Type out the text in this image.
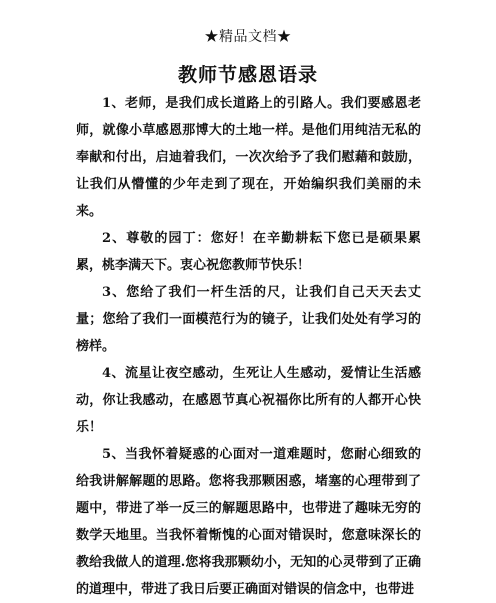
★精品文档★
教师节感恩语录

1、老师，是我们成长道路上的引路人。我们要感恩老师，就像小草感恩那博大的土地一样。是他们用纯洁无私的奉献和付出，启迪着我们，一次次给予了我们慰藉和鼓励，让我们从懵懂的少年走到了现在，开始编织我们美丽的未来。

2、尊敬的园丁：您好！在辛勤耕耘下您已是硕果累累，桃李满天下。衷心祝您教师节快乐！

3、您给了我们一杆生活的尺，让我们自己天天去丈量；您给了我们一面模范行为的镜子，让我们处处有学习的榜样。

4、流星让夜空感动，生死让人生感动，爱情让生活感动，你让我感动，在感恩节真心祝福你比所有的人都开心快乐！

5、当我怀着疑惑的心面对一道难题时，您耐心细致的给我讲解解题的思路。您将我那颗困惑，堵塞的心理带到了题中，带进了举一反三的解题思路中，也带进了趣味无穷的数学天地里。当我怀着惭愧的心面对错误时，您意味深长的教给我做人的道理.您将我那颗幼小，无知的心灵带到了正确的道理中，带进了我日后要正确面对错误的信念中，也带进
